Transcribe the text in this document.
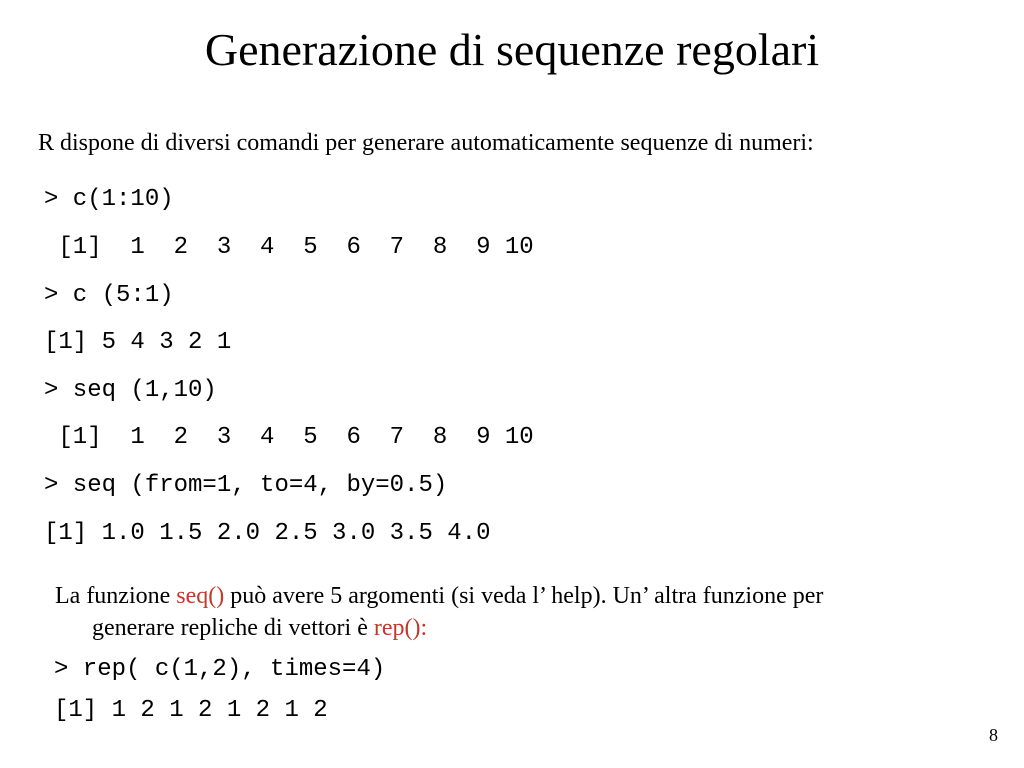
Generazione di sequenze regolari
R dispone di diversi comandi per generare automaticamente sequenze di numeri:
> c(1:10)
[1]  1  2  3  4  5  6  7  8  9 10
> c (5:1)
[1] 5 4 3 2 1
> seq (1,10)
[1]  1  2  3  4  5  6  7  8  9 10
> seq (from=1, to=4, by=0.5)
[1] 1.0 1.5 2.0 2.5 3.0 3.5 4.0
La funzione seq() può avere 5 argomenti (si veda l’ help). Un’ altra funzione per
generare repliche di vettori è rep():
> rep( c(1,2), times=4)
[1] 1 2 1 2 1 2 1 2
8
